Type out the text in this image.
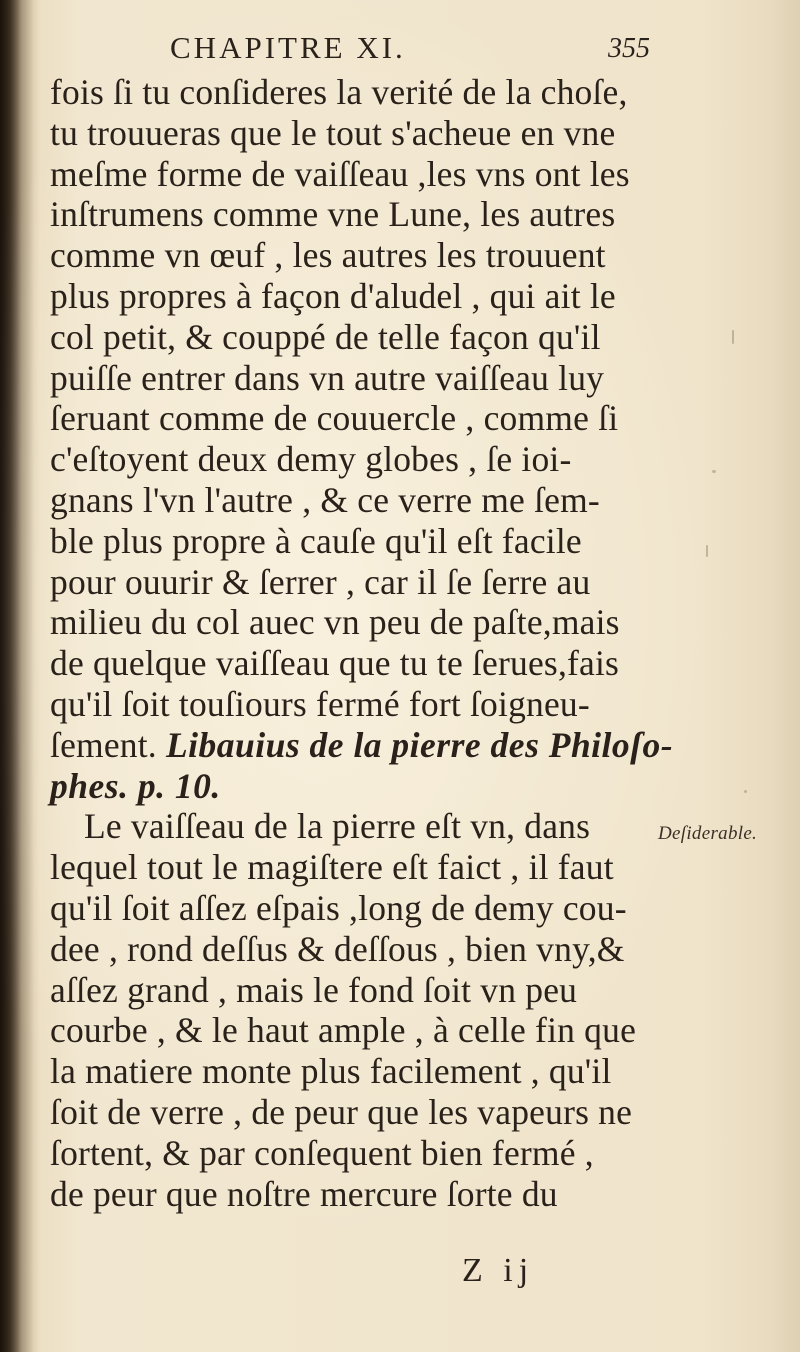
CHAPITRE XI.	355
fois ſi tu conſideres la verité de la choſe,
tu trouueras que le tout s'acheue en vne
meſme forme de vaiſſeau ,les vns ont les
inſtrumens comme vne Lune, les autres
comme vn œuf , les autres les trouuent
plus propres à façon d'aludel , qui ait le
col petit, & couppé de telle façon qu'il
puiſſe entrer dans vn autre vaiſſeau luy
ſeruant comme de couuercle , comme ſi
c'eſtoyent deux demy globes , ſe ioi-
gnans l'vn l'autre , & ce verre me ſem-
ble plus propre à cauſe qu'il eſt facile
pour ouurir & ſerrer , car il ſe ſerre au
milieu du col auec vn peu de paſte,mais
de quelque vaiſſeau que tu te ſerues,fais
qu'il ſoit touſiours fermé fort ſoigneu-
ſement. Libauius de la pierre des Philoſo-
phes. p. 10.
Le vaiſſeau de la pierre eſt vn, dans
lequel tout le magiſtere eſt faict , il faut
qu'il ſoit aſſez eſpais ,long de demy cou-
dee , rond deſſus & deſſous , bien vny,&
aſſez grand , mais le fond ſoit vn peu
courbe , & le haut ample , à celle fin que
la matiere monte plus facilement , qu'il
ſoit de verre , de peur que les vapeurs ne
ſortent, & par conſequent bien fermé ,
de peur que noſtre mercure ſorte du
Deſiderable.
Z ij
